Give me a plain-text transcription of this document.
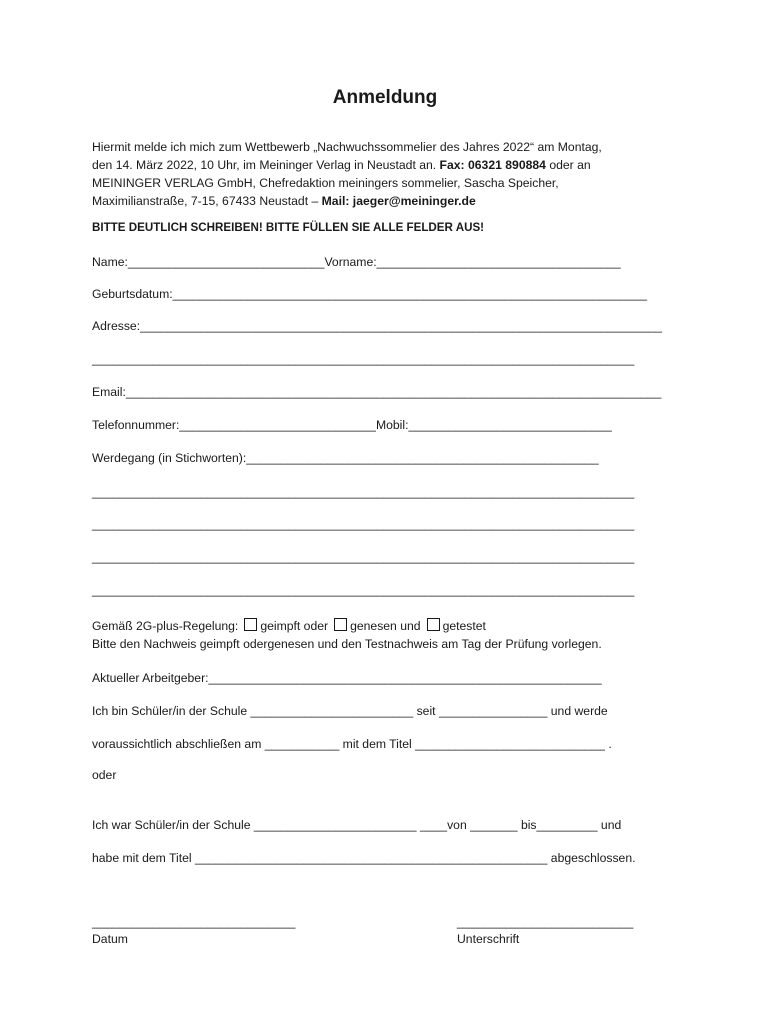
Anmeldung
Hiermit melde ich mich zum Wettbewerb „Nachwuchssommelier des Jahres 2022“ am Montag,
den 14. März 2022, 10 Uhr, im Meininger Verlag in Neustadt an. Fax: 06321 890884 oder an
MEININGER VERLAG GmbH, Chefredaktion meiningers sommelier, Sascha Speicher,
Maximilianstraße, 7-15, 67433 Neustadt – Mail: jaeger@meininger.de
BITTE DEUTLICH SCHREIBEN! BITTE FÜLLEN SIE ALLE FELDER AUS!
Name:_____________________________Vorname:____________________________________
Geburtsdatum:______________________________________________________________________
Adresse:_____________________________________________________________________________
________________________________________________________________________________
Email:_______________________________________________________________________________
Telefonnummer:_____________________________Mobil:______________________________
Werdegang (in Stichworten):____________________________________________________
________________________________________________________________________________
________________________________________________________________________________
________________________________________________________________________________
________________________________________________________________________________
Gemäß 2G-plus-Regelung: geimpft oder genesen und getestet
Bitte den Nachweis geimpft odergenesen und den Testnachweis am Tag der Prüfung vorlegen.
Aktueller Arbeitgeber:__________________________________________________________
Ich bin Schüler/in der Schule ________________________ seit ________________ und werde
voraussichtlich abschließen am ___________ mit dem Titel ____________________________ .
oder
Ich war Schüler/in der Schule ________________________ ____von _______ bis_________ und
habe mit dem Titel ____________________________________________________ abgeschlossen.
______________________________	__________________________
Datum	Unterschrift
